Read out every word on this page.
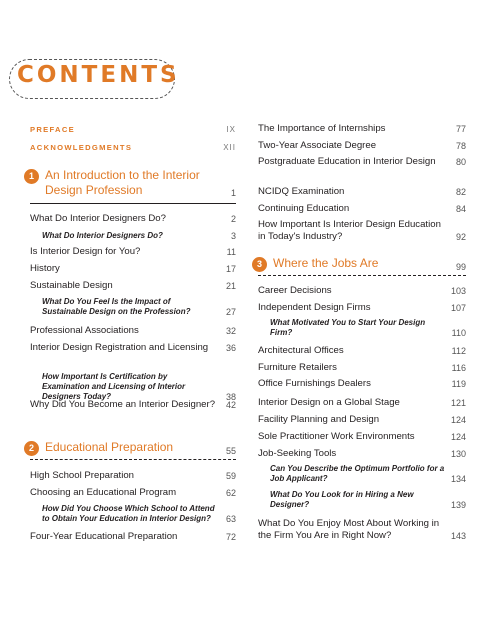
CONTENTS
PREFACE	IX
ACKNOWLEDGMENTS	XII
1 An Introduction to the Interior Design Profession	1
What Do Interior Designers Do?	2
What Do Interior Designers Do?	3
Is Interior Design for You?	11
History	17
Sustainable Design	21
What Do You Feel Is the Impact of Sustainable Design on the Profession?	27
Professional Associations	32
Interior Design Registration and Licensing	36
How Important Is Certification by Examination and Licensing of Interior Designers Today?	38
Why Did You Become an Interior Designer?	42
2 Educational Preparation	55
High School Preparation	59
Choosing an Educational Program	62
How Did You Choose Which School to Attend to Obtain Your Education in Interior Design?	63
Four-Year Educational Preparation	72
The Importance of Internships	77
Two-Year Associate Degree	78
Postgraduate Education in Interior Design	80
NCIDQ Examination	82
Continuing Education	84
How Important Is Interior Design Education in Today's Industry?	92
3 Where the Jobs Are	99
Career Decisions	103
Independent Design Firms	107
What Motivated You to Start Your Design Firm?	110
Architectural Offices	112
Furniture Retailers	116
Office Furnishings Dealers	119
Interior Design on a Global Stage	121
Facility Planning and Design	124
Sole Practitioner Work Environments	124
Job-Seeking Tools	130
Can You Describe the Optimum Portfolio for a Job Applicant?	134
What Do You Look for in Hiring a New Designer?	139
What Do You Enjoy Most About Working in the Firm You Are in Right Now?	143
